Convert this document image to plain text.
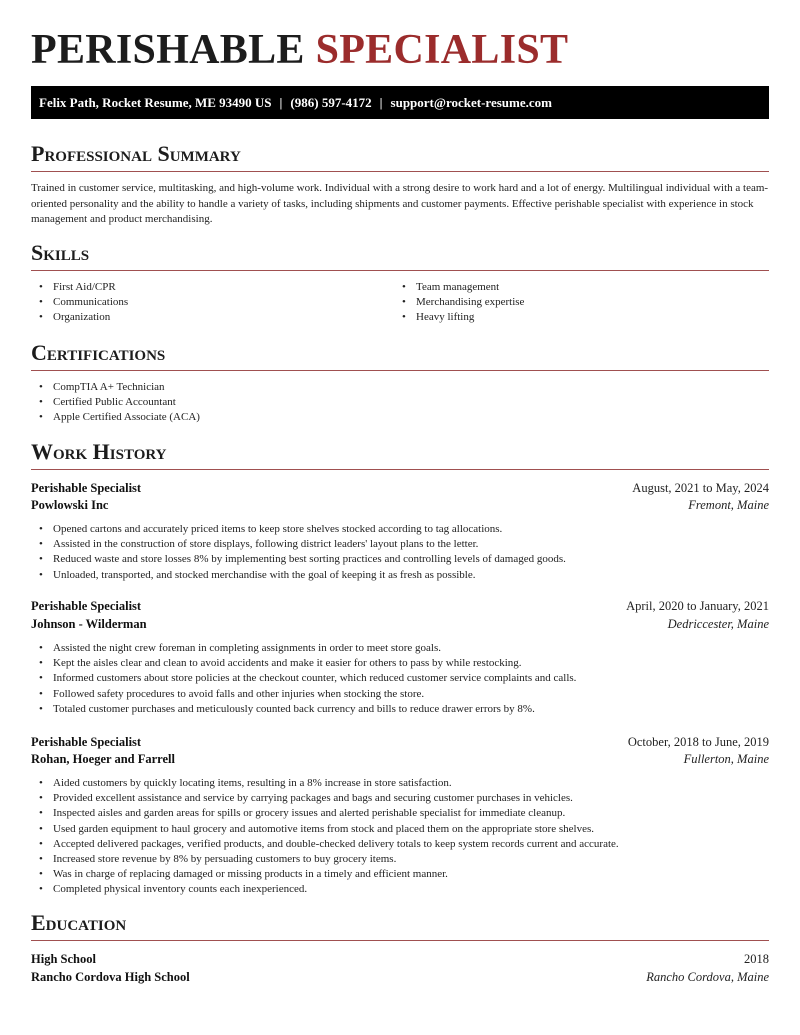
PERISHABLE SPECIALIST
Felix Path, Rocket Resume, ME 93490 US | (986) 597-4172 | support@rocket-resume.com
Professional Summary

Trained in customer service, multitasking, and high-volume work. Individual with a strong desire to work hard and a lot of energy. Multilingual individual with a team-oriented personality and the ability to handle a variety of tasks, including shipments and customer payments. Effective perishable specialist with experience in stock management and product merchandising.

Skills
• First Aid/CPR
• Communications
• Organization
• Team management
• Merchandising expertise
• Heavy lifting
Certifications
• CompTIA A+ Technician
• Certified Public Accountant
• Apple Certified Associate (ACA)
Work History
Perishable Specialist	August, 2021 to May, 2024
Powlowski Inc	Fremont, Maine
• Opened cartons and accurately priced items to keep store shelves stocked according to tag allocations.
• Assisted in the construction of store displays, following district leaders' layout plans to the letter.
• Reduced waste and store losses 8% by implementing best sorting practices and controlling levels of damaged goods.
• Unloaded, transported, and stocked merchandise with the goal of keeping it as fresh as possible.
Perishable Specialist	April, 2020 to January, 2021
Johnson - Wilderman	Dedriccester, Maine
• Assisted the night crew foreman in completing assignments in order to meet store goals.
• Kept the aisles clear and clean to avoid accidents and make it easier for others to pass by while restocking.
• Informed customers about store policies at the checkout counter, which reduced customer service complaints and calls.
• Followed safety procedures to avoid falls and other injuries when stocking the store.
• Totaled customer purchases and meticulously counted back currency and bills to reduce drawer errors by 8%.
Perishable Specialist	October, 2018 to June, 2019
Rohan, Hoeger and Farrell	Fullerton, Maine
• Aided customers by quickly locating items, resulting in a 8% increase in store satisfaction.
• Provided excellent assistance and service by carrying packages and bags and securing customer purchases in vehicles.
• Inspected aisles and garden areas for spills or grocery issues and alerted perishable specialist for immediate cleanup.
• Used garden equipment to haul grocery and automotive items from stock and placed them on the appropriate store shelves.
• Accepted delivered packages, verified products, and double-checked delivery totals to keep system records current and accurate.
• Increased store revenue by 8% by persuading customers to buy grocery items.
• Was in charge of replacing damaged or missing products in a timely and efficient manner.
• Completed physical inventory counts each inexperienced.
Education
High School	2018
Rancho Cordova High School	Rancho Cordova, Maine
